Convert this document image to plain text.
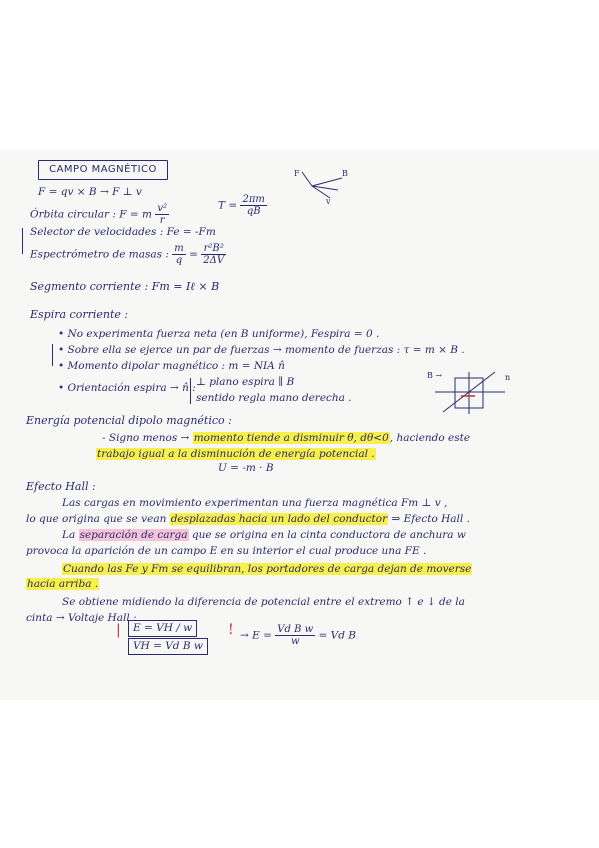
CAMPO MAGNÉTICO
F = qv × B → F ⊥ v
Órbita circular : F = m $\frac{\text{v²}}{r}$	$T = \frac{2\pi m}{qB}$
F	B
v
Selector de velocidades : Fe = -Fm
Espectrómetro de masas : $\frac{m}{q} = \frac{\text{r²B²}}{2\Delta V}$
Segmento corriente : Fm = Iℓ × B
Espira corriente :
• No experimenta fuerza neta (en B uniforme), Fespira = 0 .
• Sobre ella se ejerce un par de fuerzas → momento de fuerzas : τ = m × B .
• Momento dipolar magnético : m = NIA n̂
• Orientación espira → n̂ : ⊥ plano espira ∥ B
sentido regla mano derecha .
B →	n
Energía potencial dipolo magnético :
- Signo menos → momento tiende a disminuir θ, dθ<0, haciendo este
trabajo igual a la disminución de energía potencial .
U = -m · B
Efecto Hall :
Las cargas en movimiento experimentan una fuerza magnética Fm ⊥ v ,
lo que origina que se vean desplazadas hacia un lado del conductor ⇒ Efecto Hall .
La separación de carga que se origina en la cinta conductora de anchura w
provoca la aparición de un campo E en su interior el cual produce una FE .
Cuando las Fe y Fm se equilibran, los portadores de carga dejan de moverse
hacia arriba .
Se obtiene midiendo la diferencia de potencial entre el extremo ↑ e ↓ de la
cinta → Voltaje Hall :
|	E = VH / w
VH = Vd B w
! → $E = \frac{\text{Vd B w}}{w} = Vd$ B
